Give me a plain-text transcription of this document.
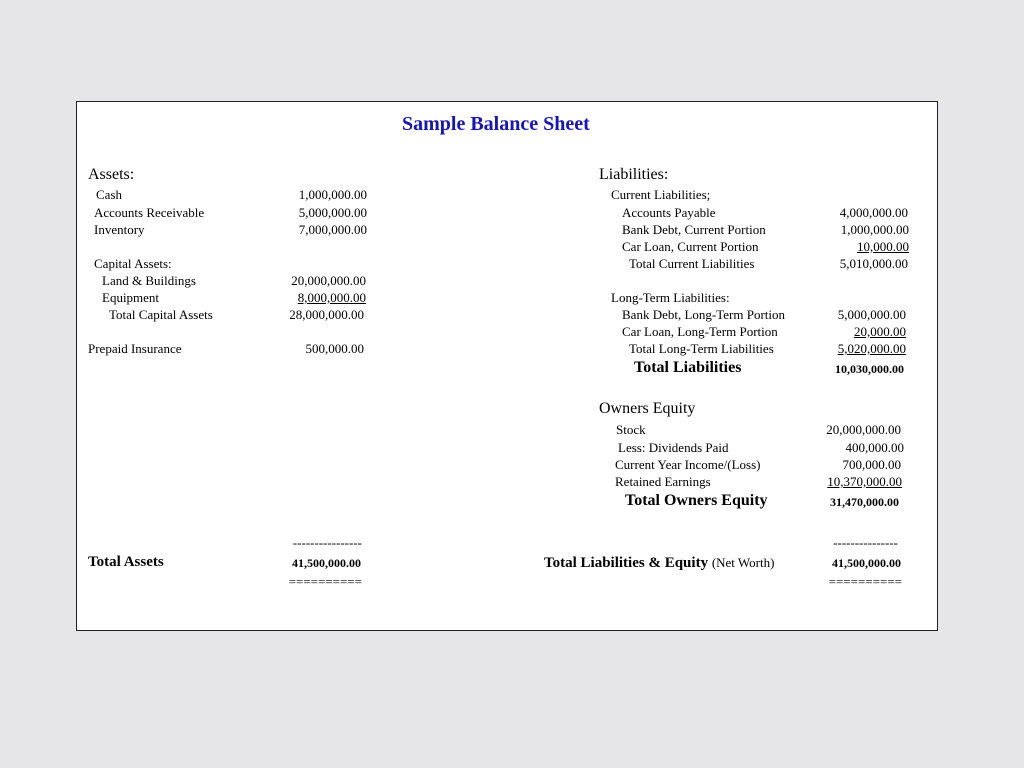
Sample Balance Sheet
Assets:
Cash	1,000,000.00
Accounts Receivable	5,000,000.00
Inventory	7,000,000.00
Capital Assets:
Land & Buildings	20,000,000.00
Equipment	8,000,000.00
Total Capital Assets	28,000,000.00
Prepaid Insurance	500,000.00
----------------
Total Assets	41,500,000.00
==========
Liabilities:
Current Liabilities;
Accounts Payable	4,000,000.00
Bank Debt, Current Portion	1,000,000.00
Car Loan, Current Portion	10,000.00
Total Current Liabilities	5,010,000.00
Long-Term Liabilities:
Bank Debt, Long-Term Portion	5,000,000.00
Car Loan, Long-Term Portion	20,000.00
Total Long-Term Liabilities	5,020,000.00
Total Liabilities	10,030,000.00
Owners Equity
Stock	20,000,000.00
Less: Dividends Paid	400,000.00
Current Year Income/(Loss)	700,000.00
Retained Earnings	10,370,000.00
Total Owners Equity	31,470,000.00
---------------
Total Liabilities & Equity (Net Worth)	41,500,000.00
==========
